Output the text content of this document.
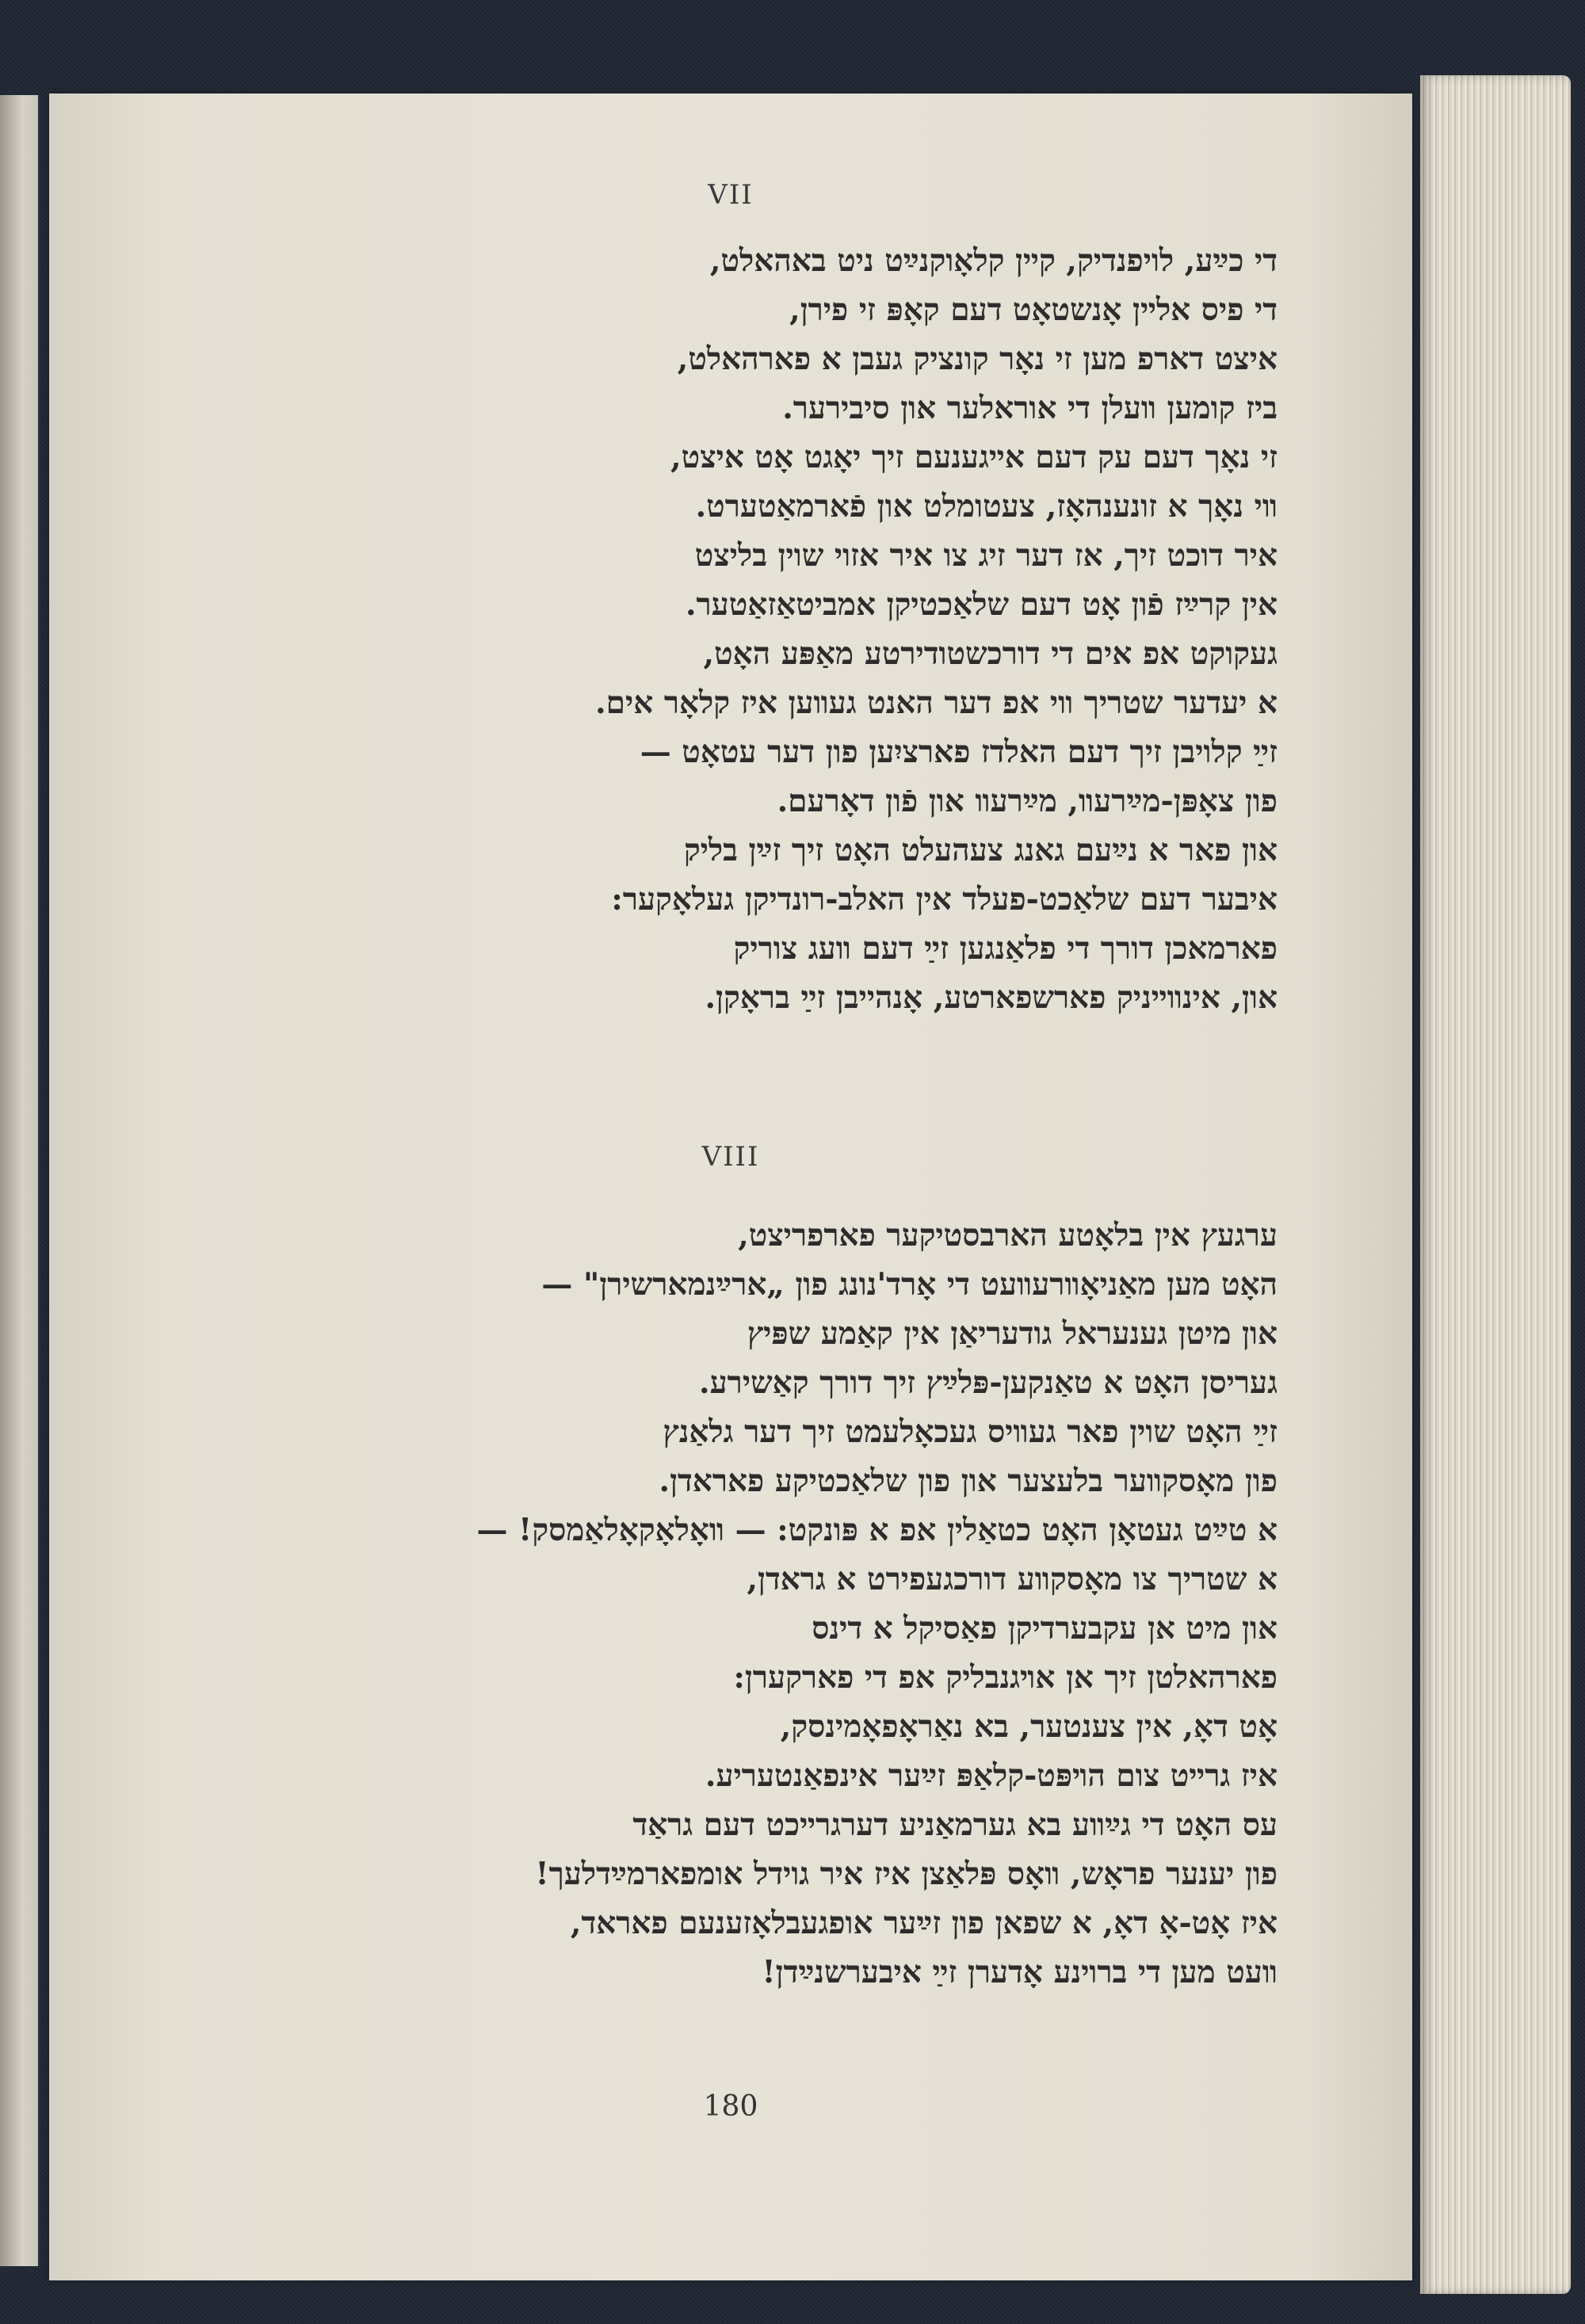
VII
די כײַע, לויפנדיק, קײן קלאָוקנײַט ניט באהאלט,
די פיס אלײן אָנשטאָט דעם קאָפּ זי פירן,
איצט דארפ מען זי נאָר קונציק געבן א פארהאלט,
ביז קומען װעלן די אוראלער און סיבירער.
זי נאָך דעם עק דעם אײגענעם זיך יאָגט אָט איצט,
װי נאָך א זונענהאָז, צעטומלט און פֿארמאַטערט.
איר דוכט זיך, אז דער זיג צו איר אזוי שוין בליצט
אין קרײַז פֿון אָט דעם שלאַכטיקן אמביטאַזאַטער.
געקוקט אפ אים די דורכשטודירטע מאַפּע האָט,
א יעדער שטריך װי אפ דער האנט געװען איז קלאָר אים.
זײַ קלויבן זיך דעם האלדז פארציִען פון דער עטאָט —
פון צאָפּן-מײַרעװ, מײַרעװ און פֿון דאָרעם.
און פאר א נײַעם גאנג צעהעלט האָט זיך זײַן בליק
איבער דעם שלאַכט-פעלד אין האלב-רונדיקן געלאָקער:
פארמאכן דורך די פלאַנגען זײַ דעם װעג צוריק
און, אינװײניק פארשפארטע, אָנהייבן זײַ בראָקן.
VIII
ערגעץ אין בלאָטע הארבסטיקער פארפריצט,
האָט מען מאַניאָװרעװעט די אָרד'נונג פון „ארײַנמארשירן" —
און מיטן גענעראל גודעריאַן אין קאַמע שפּיץ
געריסן האָט א טאַנקען-פּלײַץ זיך דורך קאַשירע.
זײַ האָט שוין פאר געװיס געכאָלעמט זיך דער גלאַנץ
פון מאָסקװער בלעצער און פון שלאַכטיקע פאראדן.
א טײַט געטאָן האָט כטאַלין אפ א פּונקט: — װאָלאָקאָלאַמסק! —
א שטריך צו מאָסקװע דורכגעפירט א גראדן,
און מיט אן עקבערדיקן פאַסיקל א דינס
פארהאלטן זיך אן אױגנבליק אפ די פארקערן:
אָט דאָ, אין צענטער, בא נאַראָפאָמינסק,
איז גרײט צום הױפּט-קלאַפּ זײַער אינפאַנטעריע.
עס האָט די גײַװע בא גערמאַניע דערגרײכט דעם גראַד
פון יענער פראָש, װאָס פּלאַצן איז איר גוידל אומפארמײַדלעך!
איז אָט-אָ דאָ, א שפאן פון זײַער אופגעבלאָזענעם פאראד,
װעט מען די ברוינע אָדערן זײַ איבערשנײַדן!
180
